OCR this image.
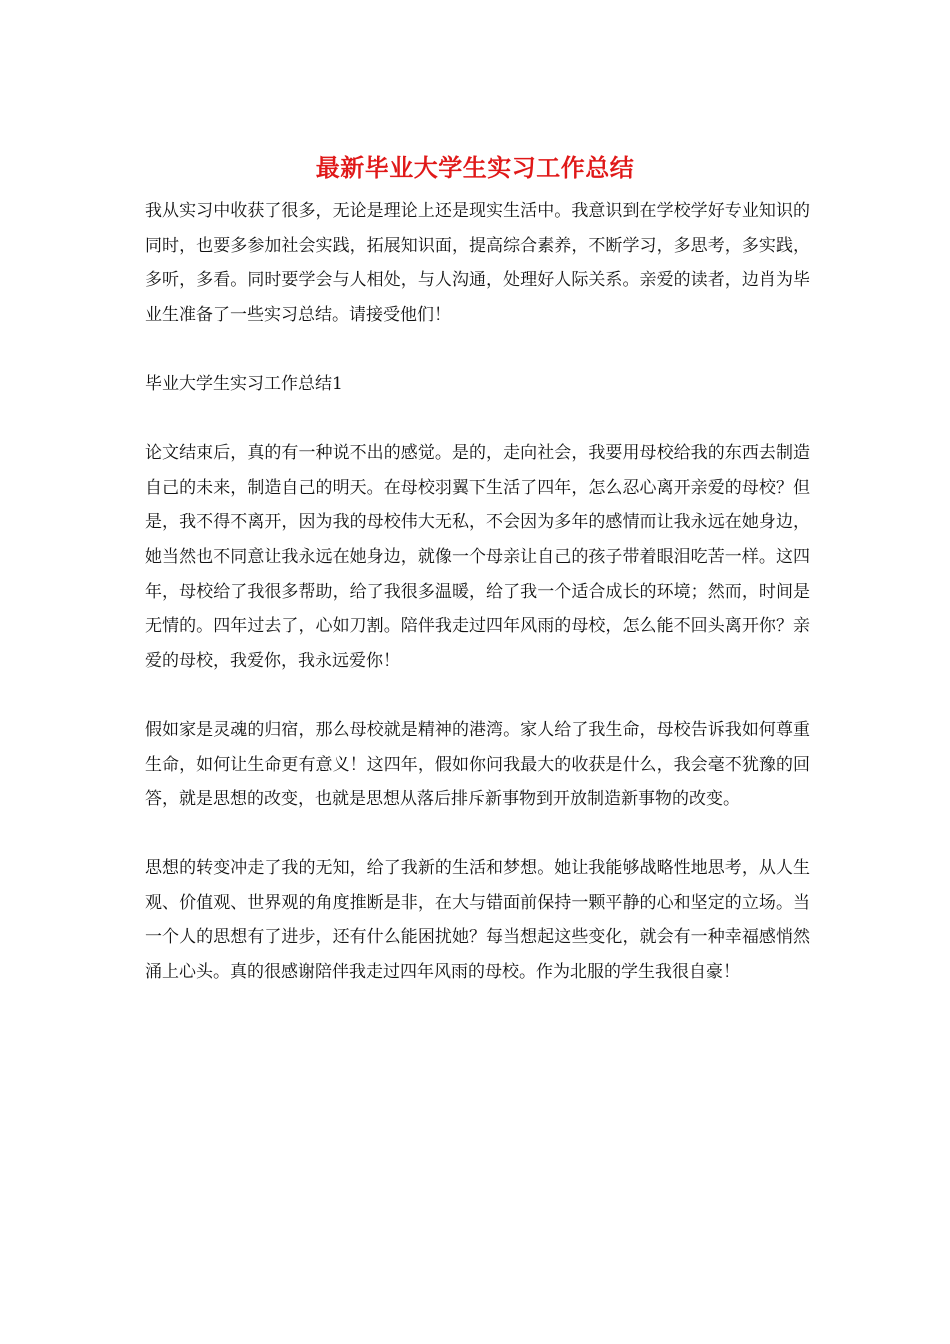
最新毕业大学生实习工作总结

我从实习中收获了很多，无论是理论上还是现实生活中。我意识到在学校学好专业知识的同时，也要多参加社会实践，拓展知识面，提高综合素养，不断学习，多思考，多实践，多听，多看。同时要学会与人相处，与人沟通，处理好人际关系。亲爱的读者，边肖为毕业生准备了一些实习总结。请接受他们！

毕业大学生实习工作总结1

论文结束后，真的有一种说不出的感觉。是的，走向社会，我要用母校给我的东西去制造自己的未来，制造自己的明天。在母校羽翼下生活了四年，怎么忍心离开亲爱的母校？但是，我不得不离开，因为我的母校伟大无私，不会因为多年的感情而让我永远在她身边，她当然也不同意让我永远在她身边，就像一个母亲让自己的孩子带着眼泪吃苦一样。这四年，母校给了我很多帮助，给了我很多温暖，给了我一个适合成长的环境；然而，时间是无情的。四年过去了，心如刀割。陪伴我走过四年风雨的母校，怎么能不回头离开你？亲爱的母校，我爱你，我永远爱你！

假如家是灵魂的归宿，那么母校就是精神的港湾。家人给了我生命，母校告诉我如何尊重生命，如何让生命更有意义！这四年，假如你问我最大的收获是什么，我会毫不犹豫的回答，就是思想的改变，也就是思想从落后排斥新事物到开放制造新事物的改变。

思想的转变冲走了我的无知，给了我新的生活和梦想。她让我能够战略性地思考，从人生观、价值观、世界观的角度推断是非，在大与错面前保持一颗平静的心和坚定的立场。当一个人的思想有了进步，还有什么能困扰她？每当想起这些变化，就会有一种幸福感悄然涌上心头。真的很感谢陪伴我走过四年风雨的母校。作为北服的学生我很自豪！
